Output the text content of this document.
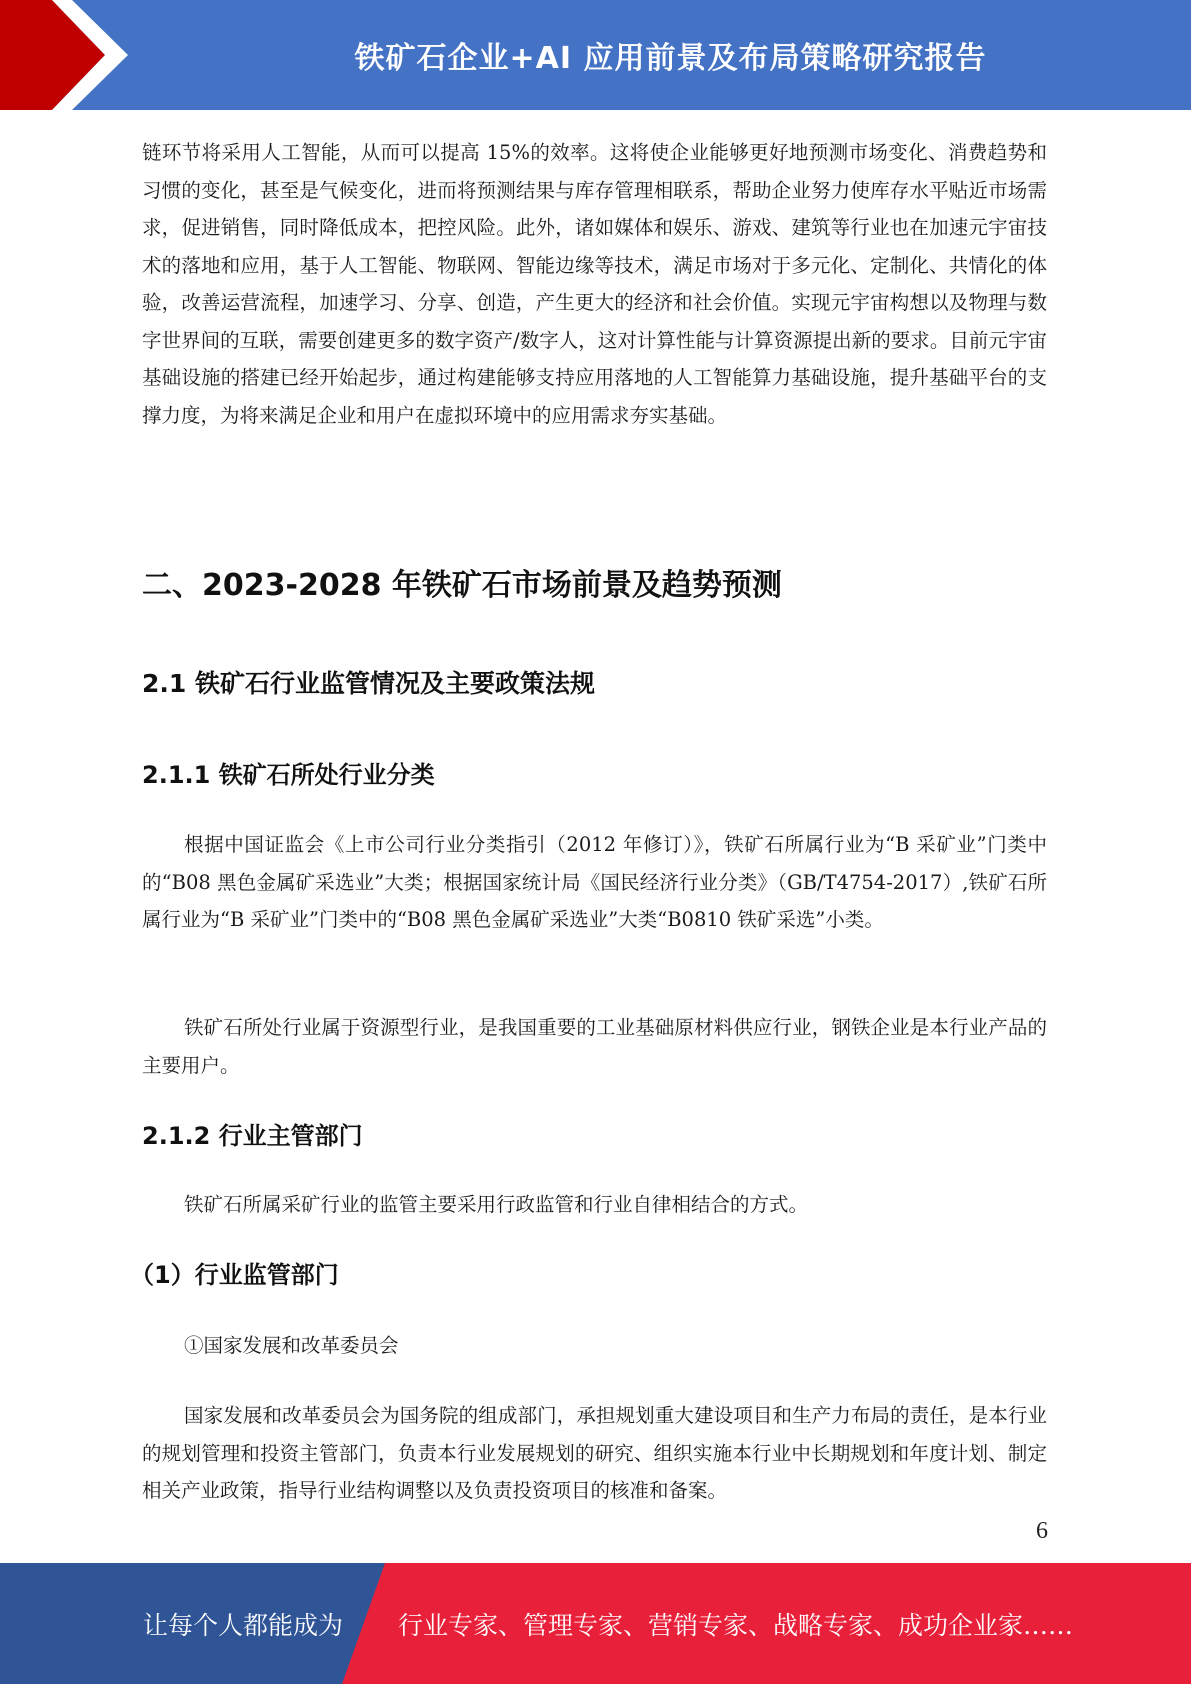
铁矿石企业+AI 应用前景及布局策略研究报告

链环节将采用人工智能，从而可以提高 15%的效率。这将使企业能够更好地预测市场变化、消费趋势和习惯的变化，甚至是气候变化，进而将预测结果与库存管理相联系，帮助企业努力使库存水平贴近市场需求，促进销售，同时降低成本，把控风险。此外，诸如媒体和娱乐、游戏、建筑等行业也在加速元宇宙技术的落地和应用，基于人工智能、物联网、智能边缘等技术，满足市场对于多元化、定制化、共情化的体验，改善运营流程，加速学习、分享、创造，产生更大的经济和社会价值。实现元宇宙构想以及物理与数字世界间的互联，需要创建更多的数字资产/数字人，这对计算性能与计算资源提出新的要求。目前元宇宙基础设施的搭建已经开始起步，通过构建能够支持应用落地的人工智能算力基础设施，提升基础平台的支撑力度，为将来满足企业和用户在虚拟环境中的应用需求夯实基础。

二、2023-2028 年铁矿石市场前景及趋势预测
2.1 铁矿石行业监管情况及主要政策法规
2.1.1 铁矿石所处行业分类

根据中国证监会《上市公司行业分类指引（2012 年修订）》，铁矿石所属行业为“B 采矿业”门类中的“B08 黑色金属矿采选业”大类；根据国家统计局《国民经济行业分类》（GB/T4754-2017）,铁矿石所属行业为“B 采矿业”门类中的“B08 黑色金属矿采选业”大类“B0810 铁矿采选”小类。

铁矿石所处行业属于资源型行业，是我国重要的工业基础原材料供应行业，钢铁企业是本行业产品的主要用户。

2.1.2 行业主管部门

铁矿石所属采矿行业的监管主要采用行政监管和行业自律相结合的方式。

（1）行业监管部门

①国家发展和改革委员会

国家发展和改革委员会为国务院的组成部门，承担规划重大建设项目和生产力布局的责任，是本行业的规划管理和投资主管部门，负责本行业发展规划的研究、组织实施本行业中长期规划和年度计划、制定相关产业政策，指导行业结构调整以及负责投资项目的核准和备案。

6
让每个人都能成为 行业专家、管理专家、营销专家、战略专家、成功企业家……
